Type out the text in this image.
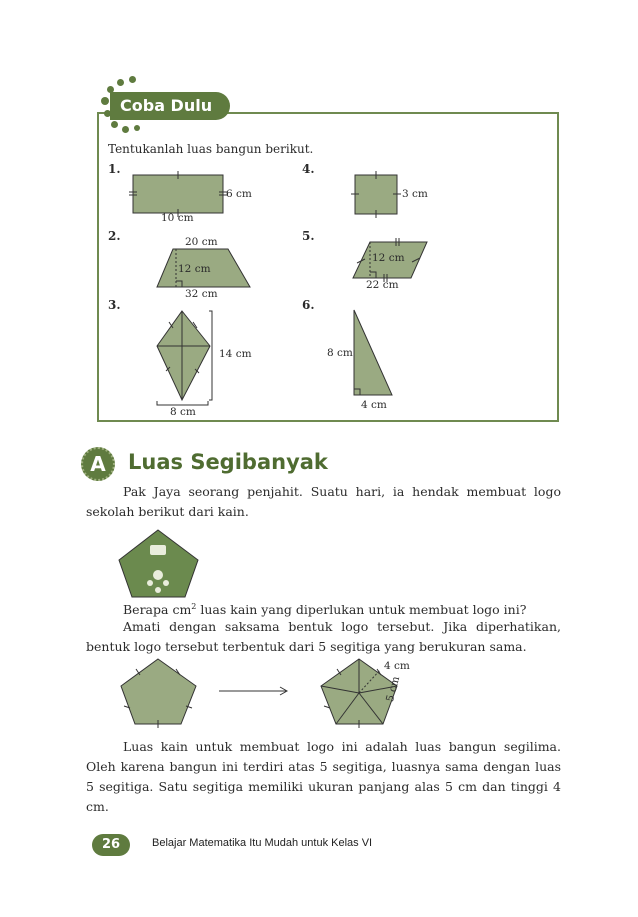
Coba Dulu
Tentukanlah luas bangun berikut.
1.
2.
3.
4.
5.
6.
6 cm
10 cm
20 cm
12 cm
32 cm
14 cm
8 cm
3 cm
12 cm
22 cm
8 cm
4 cm
A	Luas Segibanyak
Pak Jaya seorang penjahit. Suatu hari, ia hendak membuat logo sekolah berikut dari kain.
Berapa $cm^2$ luas kain yang diperlukan untuk membuat logo ini?
Amati dengan saksama bentuk logo tersebut. Jika diperhatikan, bentuk logo tersebut terbentuk dari 5 segitiga yang berukuran sama.
4 cm
5 cm
Luas kain untuk membuat logo ini adalah luas bangun segilima. Oleh karena bangun ini terdiri atas 5 segitiga, luasnya sama dengan luas 5 segitiga. Satu segitiga memiliki ukuran panjang alas 5 cm dan tinggi 4 cm.
26	Belajar Matematika Itu Mudah untuk Kelas VI
